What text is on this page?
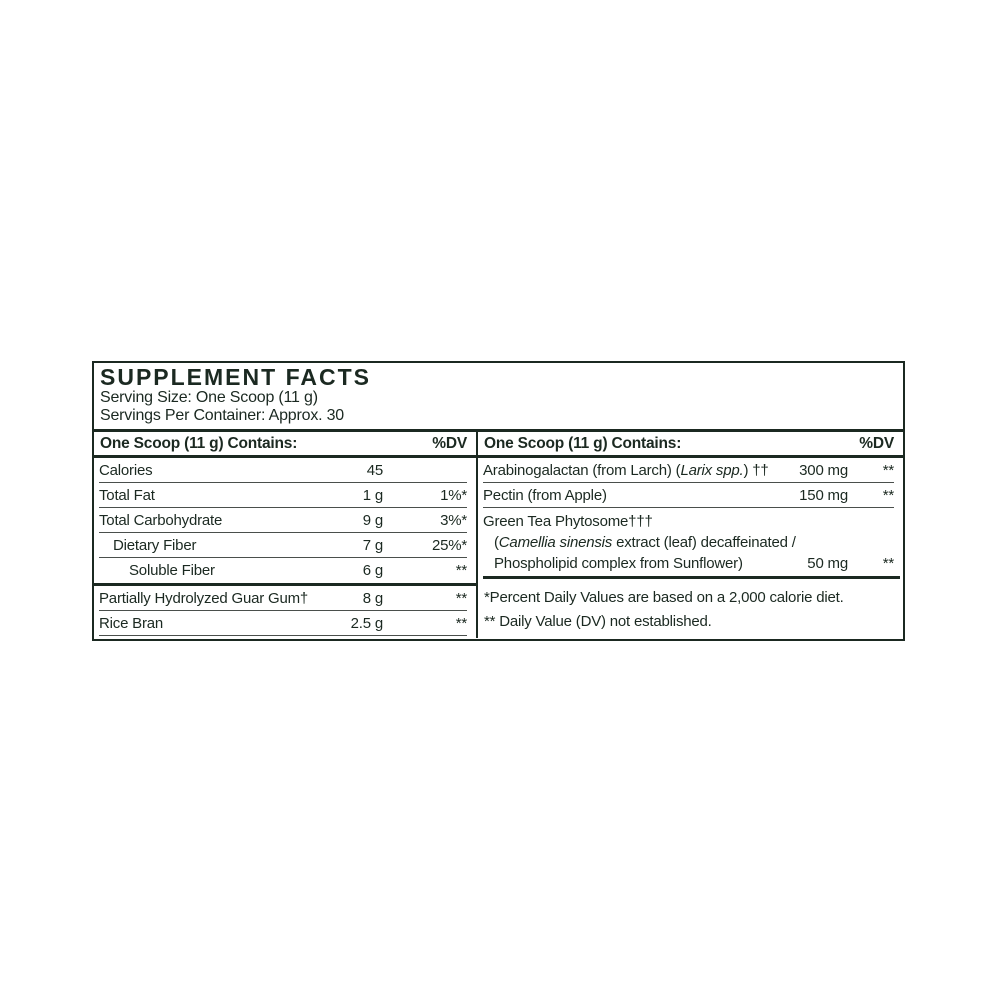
SUPPLEMENT FACTS
Serving Size: One Scoop (11 g)
Servings Per Container: Approx. 30
One Scoop (11 g) Contains:	%DV
Calories	45
Total Fat	1 g	1%*
Total Carbohydrate	9 g	3%*
Dietary Fiber	7 g	25%*
Soluble Fiber	6 g	**
Partially Hydrolyzed Guar Gum†	8 g	**
Rice Bran	2.5 g	**
One Scoop (11 g) Contains:	%DV
Arabinogalactan (from Larch) (Larix spp.) ††	300 mg	**
Pectin (from Apple)	150 mg	**
Green Tea Phytosome†††
(Camellia sinensis extract (leaf) decaffeinated /
Phospholipid complex from Sunflower)	50 mg	**
*Percent Daily Values are based on a 2,000 calorie diet.
** Daily Value (DV) not established.
